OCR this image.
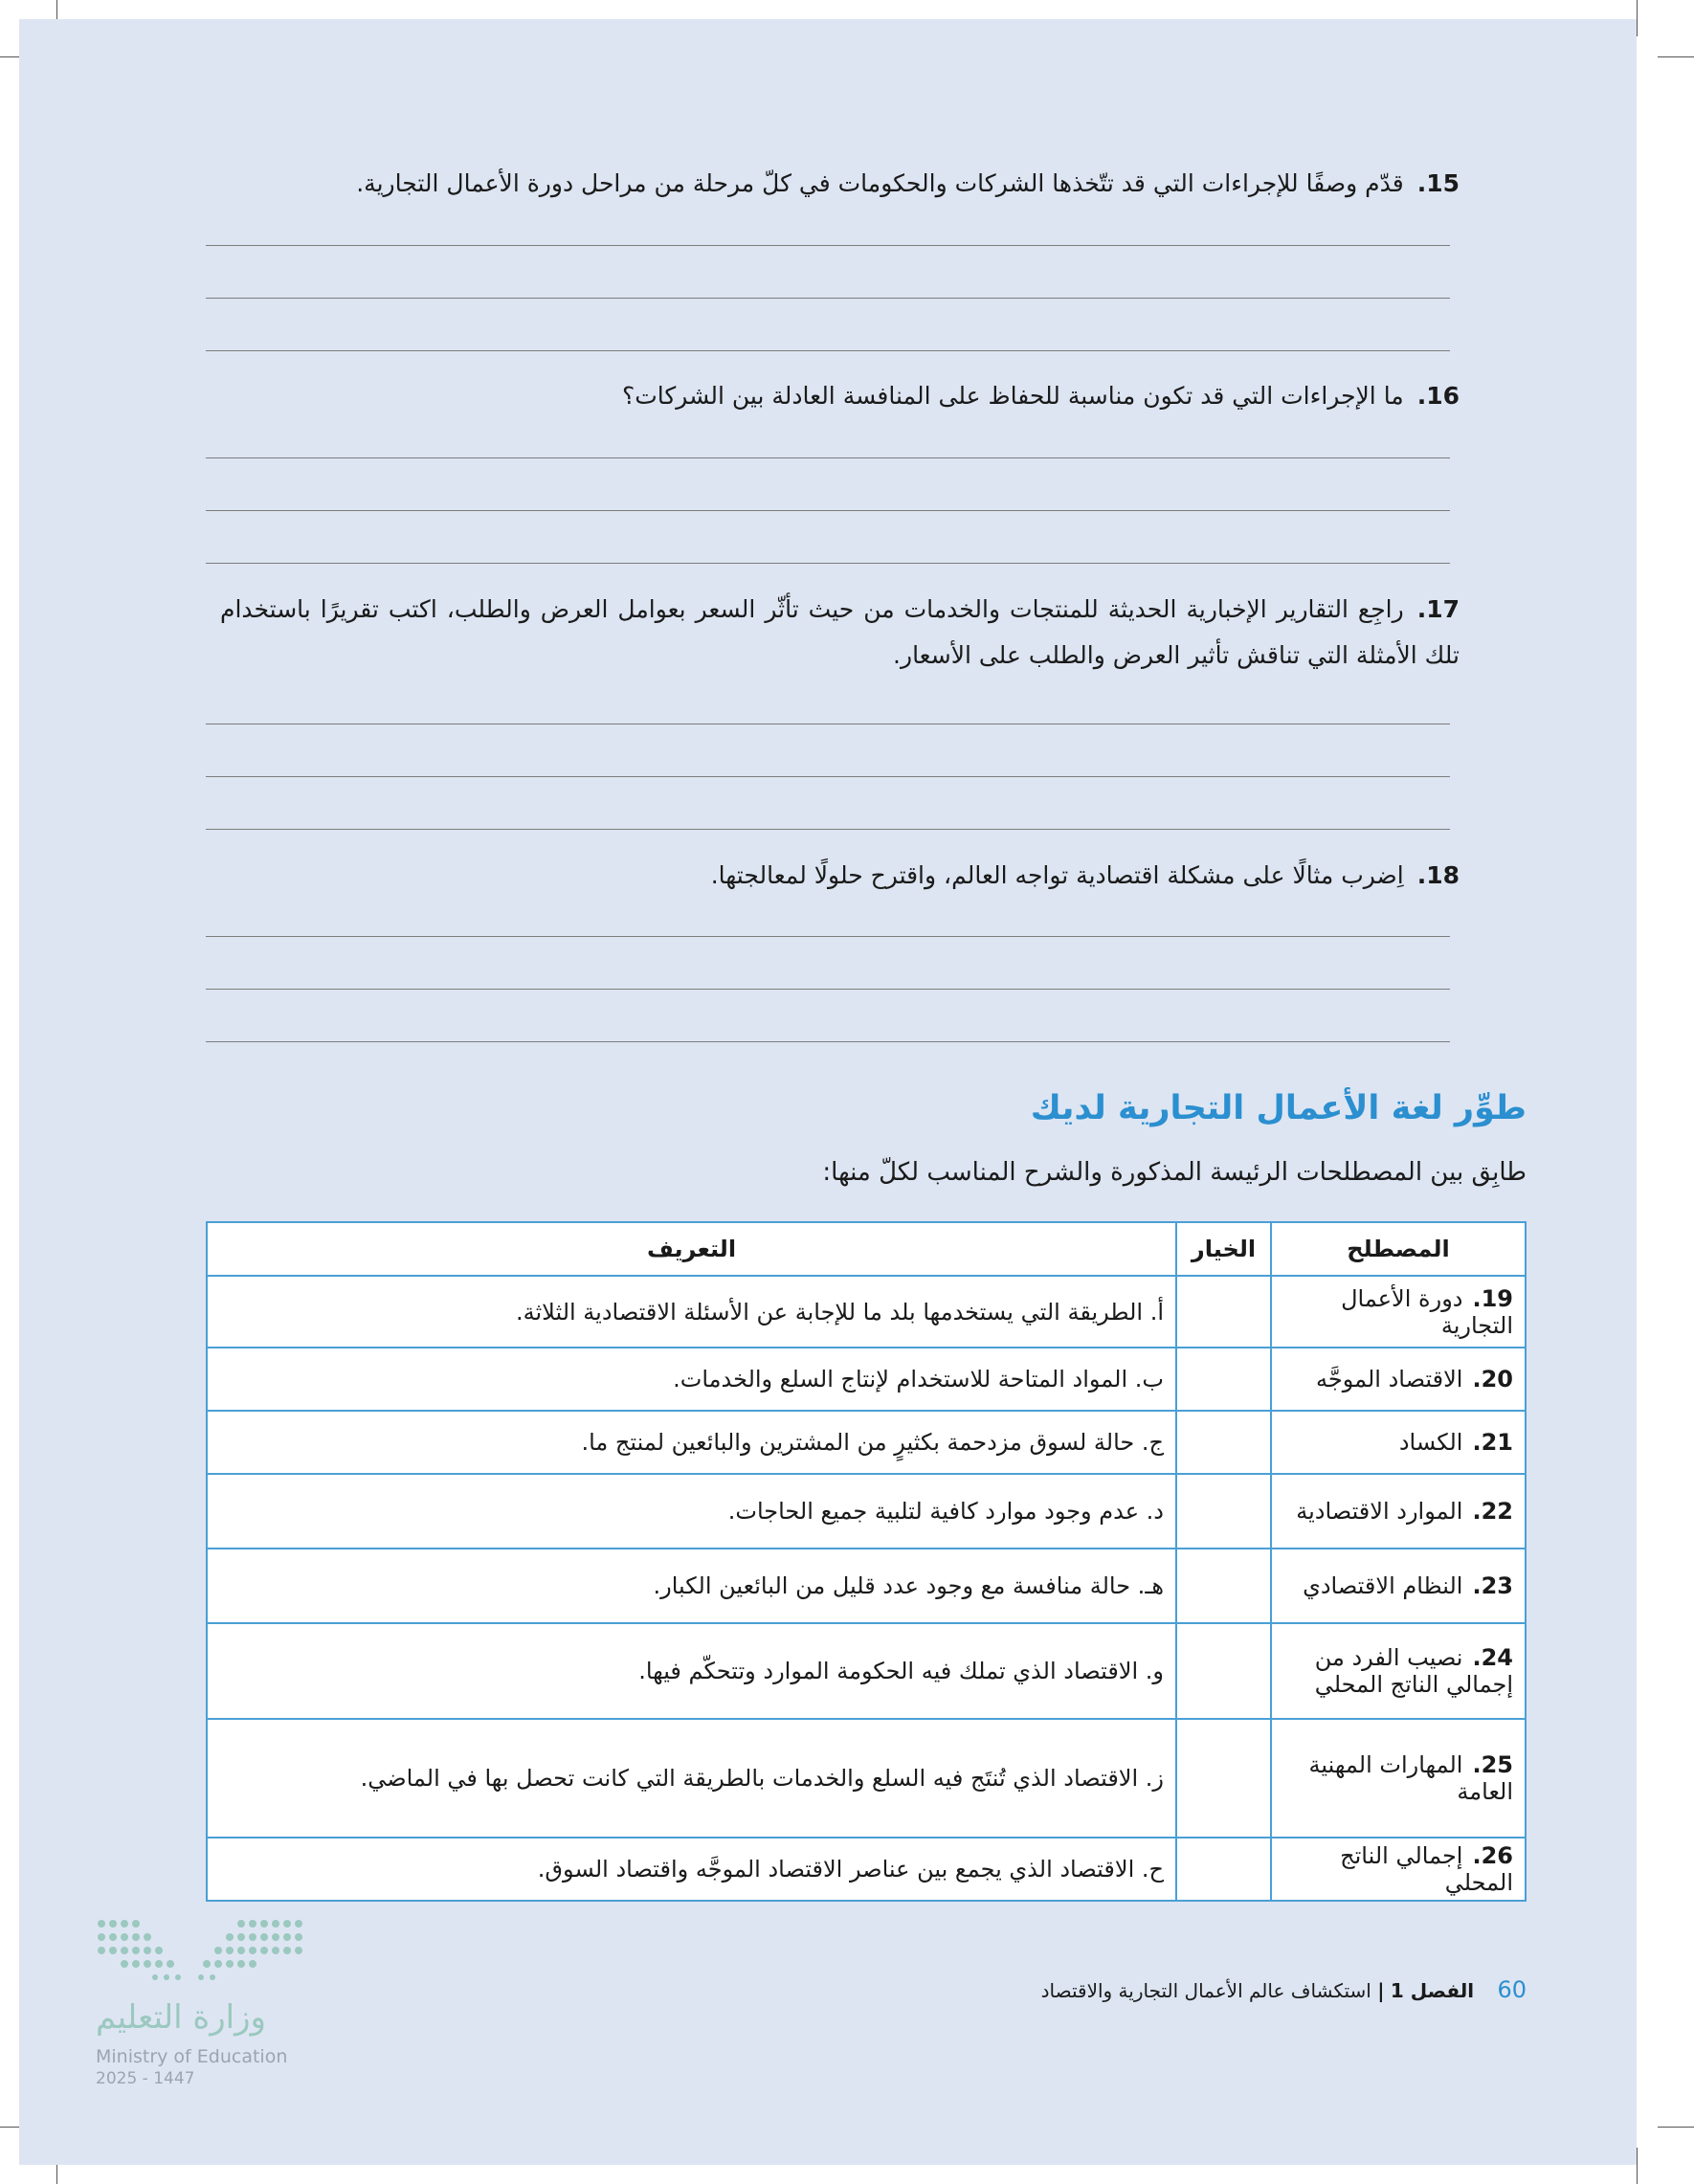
15.قدّم وصفًا للإجراءات التي قد تتّخذها الشركات والحكومات في كلّ مرحلة من مراحل دورة الأعمال التجارية.
16.ما الإجراءات التي قد تكون مناسبة للحفاظ على المنافسة العادلة بين الشركات؟
17.راجِع التقارير الإخبارية الحديثة للمنتجات والخدمات من حيث تأثّر السعر بعوامل العرض والطلب، اكتب تقريرًا باستخدام تلك الأمثلة التي تناقش تأثير العرض والطلب على الأسعار.
18.اِضرب مثالًا على مشكلة اقتصادية تواجه العالم، واقترح حلولًا لمعالجتها.
طوِّر لغة الأعمال التجارية لديك
طابِق بين المصطلحات الرئيسة المذكورة والشرح المناسب لكلّ منها:
المصطلح	الخيار	التعريف
19.دورة الأعمال التجارية		أ. الطريقة التي يستخدمها بلد ما للإجابة عن الأسئلة الاقتصادية الثلاثة.
20.الاقتصاد الموجَّه		ب. المواد المتاحة للاستخدام لإنتاج السلع والخدمات.
21.الكساد		ج. حالة لسوق مزدحمة بكثيرٍ من المشترين والبائعين لمنتج ما.
22.الموارد الاقتصادية		د. عدم وجود موارد كافية لتلبية جميع الحاجات.
23.النظام الاقتصادي		هـ. حالة منافسة مع وجود عدد قليل من البائعين الكبار.
24.نصيب الفرد من إجمالي الناتج المحلي		و. الاقتصاد الذي تملك فيه الحكومة الموارد وتتحكّم فيها.
25.المهارات المهنية العامة		ز. الاقتصاد الذي تُنتَج فيه السلع والخدمات بالطريقة التي كانت تحصل بها في الماضي.
26.إجمالي الناتج المحلي		ح. الاقتصاد الذي يجمع بين عناصر الاقتصاد الموجَّه واقتصاد السوق.
وزارة التعليم
Ministry of Education
2025 - 1447
60 الفصل 1 | استكشاف عالم الأعمال التجارية والاقتصاد
